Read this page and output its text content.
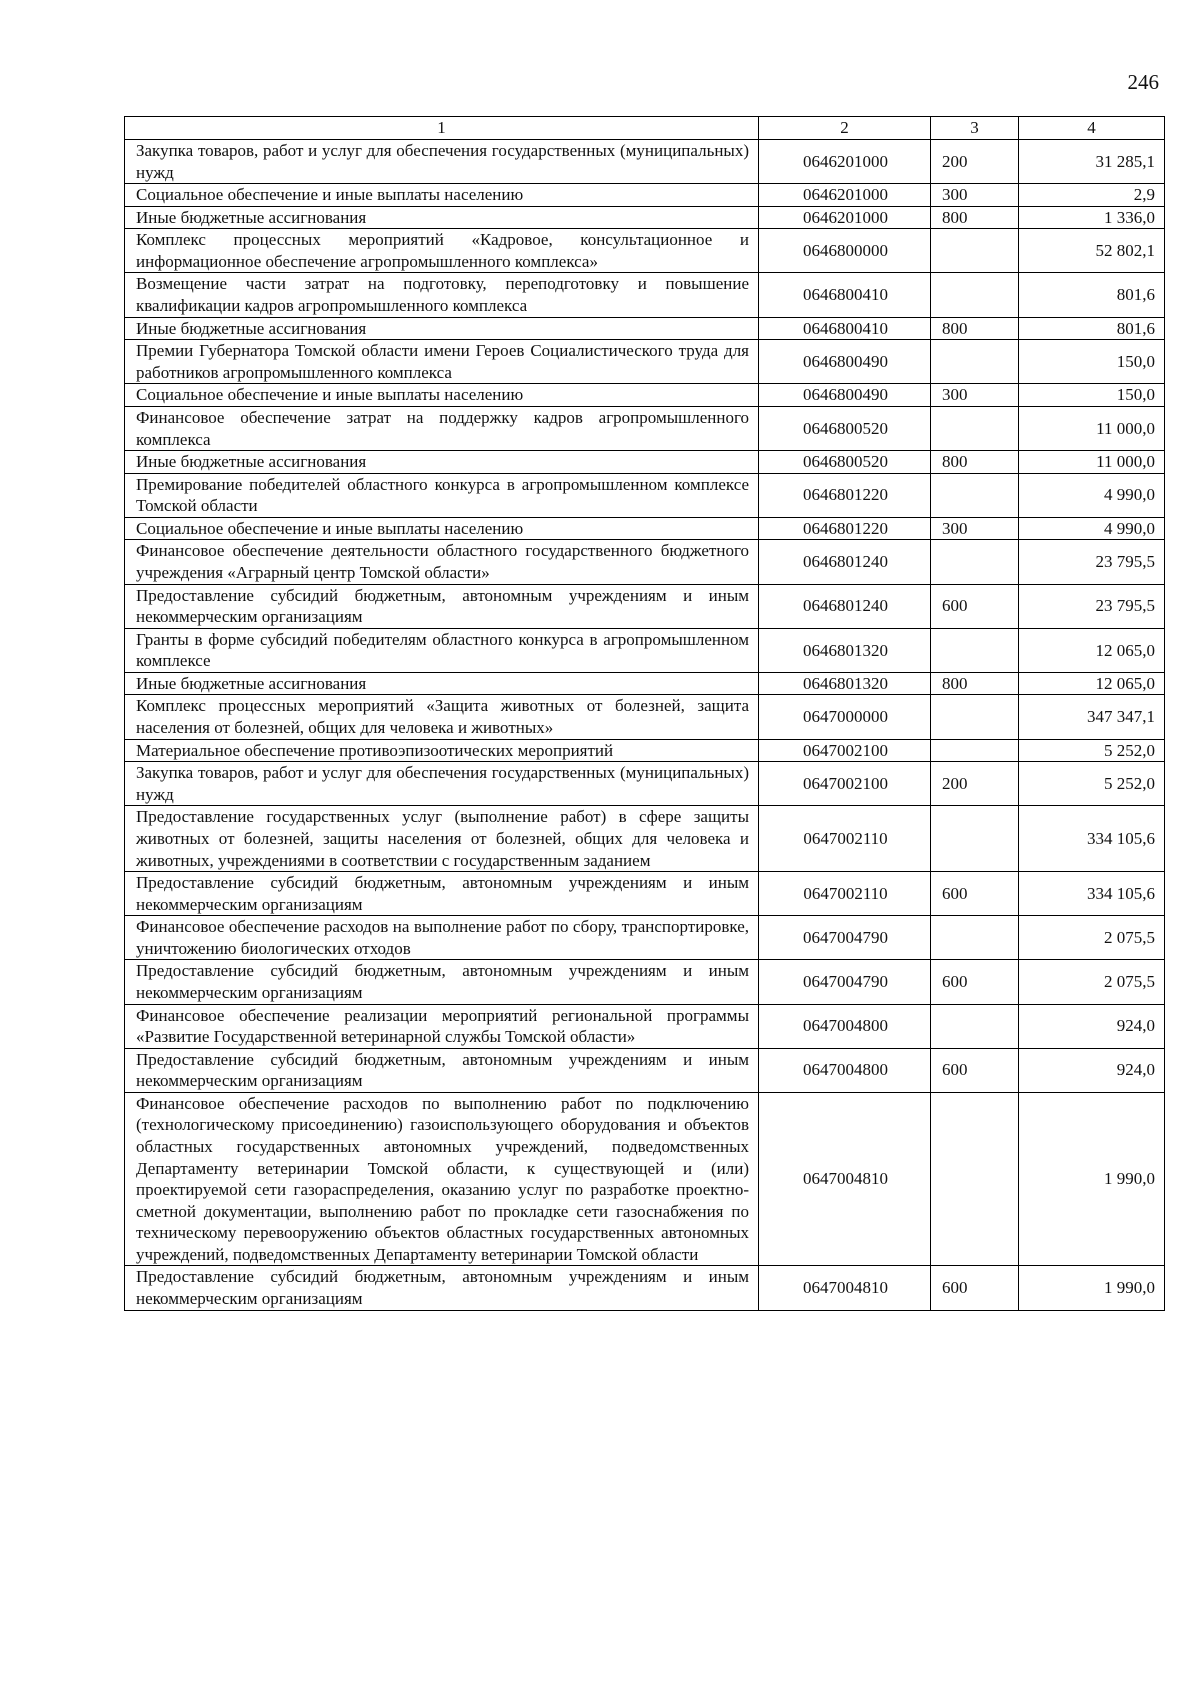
246
1	2	3	4
Закупка товаров, работ и услуг для обеспечения государственных (муниципальных) нужд	0646201000	200	31 285,1
Социальное обеспечение и иные выплаты населению	0646201000	300	2,9
Иные бюджетные ассигнования	0646201000	800	1 336,0
Комплекс процессных мероприятий «Кадровое, консультационное и информационное обеспечение агропромышленного комплекса»	0646800000		52 802,1
Возмещение части затрат на подготовку, переподготовку и повышение квалификации кадров агропромышленного комплекса	0646800410		801,6
Иные бюджетные ассигнования	0646800410	800	801,6
Премии Губернатора Томской области имени Героев Социалистического труда для работников агропромышленного комплекса	0646800490		150,0
Социальное обеспечение и иные выплаты населению	0646800490	300	150,0
Финансовое обеспечение затрат на поддержку кадров агропромышленного комплекса	0646800520		11 000,0
Иные бюджетные ассигнования	0646800520	800	11 000,0
Премирование победителей областного конкурса в агропромышленном комплексе Томской области	0646801220		4 990,0
Социальное обеспечение и иные выплаты населению	0646801220	300	4 990,0
Финансовое обеспечение деятельности областного государственного бюджетного учреждения «Аграрный центр Томской области»	0646801240		23 795,5
Предоставление субсидий бюджетным, автономным учреждениям и иным некоммерческим организациям	0646801240	600	23 795,5
Гранты в форме субсидий победителям областного конкурса в агропромышленном комплексе	0646801320		12 065,0
Иные бюджетные ассигнования	0646801320	800	12 065,0
Комплекс процессных мероприятий «Защита животных от болезней, защита населения от болезней, общих для человека и животных»	0647000000		347 347,1
Материальное обеспечение противоэпизоотических мероприятий	0647002100		5 252,0
Закупка товаров, работ и услуг для обеспечения государственных (муниципальных) нужд	0647002100	200	5 252,0
Предоставление государственных услуг (выполнение работ) в сфере защиты животных от болезней, защиты населения от болезней, общих для человека и животных, учреждениями в соответствии с государственным заданием	0647002110		334 105,6
Предоставление субсидий бюджетным, автономным учреждениям и иным некоммерческим организациям	0647002110	600	334 105,6
Финансовое обеспечение расходов на выполнение работ по сбору, транспортировке, уничтожению биологических отходов	0647004790		2 075,5
Предоставление субсидий бюджетным, автономным учреждениям и иным некоммерческим организациям	0647004790	600	2 075,5
Финансовое обеспечение реализации мероприятий региональной программы «Развитие Государственной ветеринарной службы Томской области»	0647004800		924,0
Предоставление субсидий бюджетным, автономным учреждениям и иным некоммерческим организациям	0647004800	600	924,0
Финансовое обеспечение расходов по выполнению работ по подключению (технологическому присоединению) газоиспользующего оборудования и объектов областных государственных автономных учреждений, подведомственных Департаменту ветеринарии Томской области, к существующей и (или) проектируемой сети газораспределения, оказанию услуг по разработке проектно-сметной документации, выполнению работ по прокладке сети газоснабжения по техническому перевооружению объектов областных государственных автономных учреждений, подведомственных Департаменту ветеринарии Томской области	0647004810		1 990,0
Предоставление субсидий бюджетным, автономным учреждениям и иным некоммерческим организациям	0647004810	600	1 990,0
